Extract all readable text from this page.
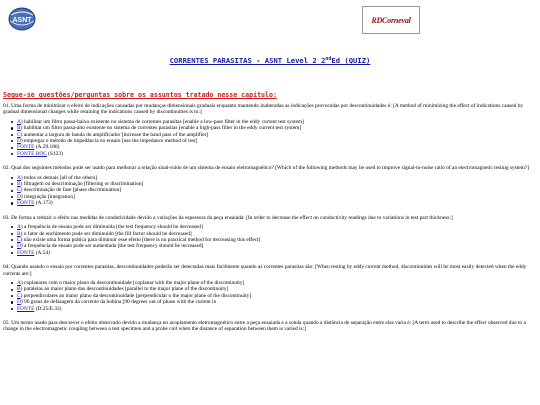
ASNT	RDCorneval
CORRENTES PARASITAS - ASNT Level 2 2ndEd (QUIZ)
Segue-se questões/perguntas sobre os assuntos tratado nesse capítulo:

01. Uma forma de minimizar o efeito de indicações causadas por mudanças dimensionais graduais enquanto mantendo inalteradas as indicações provocadas por descontinuidades é: [A method of minimizing the effect of indications caused by gradual dimensional changes while retaining the indications caused by discontinuities is to:]

A) habilitar um filtro passa-baixo existente no sistema de correntes parasitas [enable a low-pass filter in the eddy current test system]
B) habilitar um filtro passa-alto existente no sistema de correntes parasitas [enable a high-pass filter in the eddy current test system]
C) aumentar a largura de banda do amplificador [increase the band pass of the amplifier]
D) empregar o método de impedância no ensaio [use the impedance method of test]
FONTE (A.29.186)
FONTE ROC (S123)

02. Qual dos seguintes métodos pode ser usado para melhorar a relação sinal-ruído de um sistema de ensaio eletromagnético? [Which of the following methods may be used to improve signal-to-noise ratio of an electromagnetic testing system?]

A) todos os demais [all of the others]
B) filtragem ou descriminação [filtering or discrimination]
C) descriminação de fase [phase discrimination]
D) integração [integration]
FONTE (A.173)

03. De forma a reduzir o efeito nas medidas de condutividade devido a variações da espessura da peça ensaiada: [In order to decrease the effect on conductivity readings due to variations in test part thickness:]

A) a frequência de ensaio pode ser diminuída [the test frequency should be decreased]
B) o fator de enchimento pode ser diminuído [the fill factor should be decreased]
C) não existe uma forma prática para diminuir esse efeito [there is no practical method for decreasing this effect]
D) a frequência de ensaio pode ser aumentada [the test frequency should be increased]
FONTE (A.54)

04. Quando usando o ensaio por correntes parasitas, descontinuidades poderão ser detectadas mais facilmente quando as correntes parasitas são: [When testing by eddy current method, discontinuities will be most easily detected when the eddy currents are:]

A) coplanares com o maior plano da descontinuidade [coplanar with the major plane of the discontinuity]
B) paralelas ao maior plano das descontinuidades [parallel to the major plane of the discontinuity]
C) perpendiculares ao maior plano da descontinuidade [perpendicular o the major plane of the discontinuity]
D) 90 graus de defasagem da corrente da bobina [90 degrees out of phase with the current in
FONTE (D.25/E.32)

05. Um termo usado para descrever o efeito observado devido a mudança no acoplamento eletromagnético entre a peça ensaiada e a sonda quando a distância de separação entre elas varia é: [A term used to describe the effect observed due to a change in the electromagnetic coupling between a test specimen and a probe coil when the distance of separation between them is varied is:]
